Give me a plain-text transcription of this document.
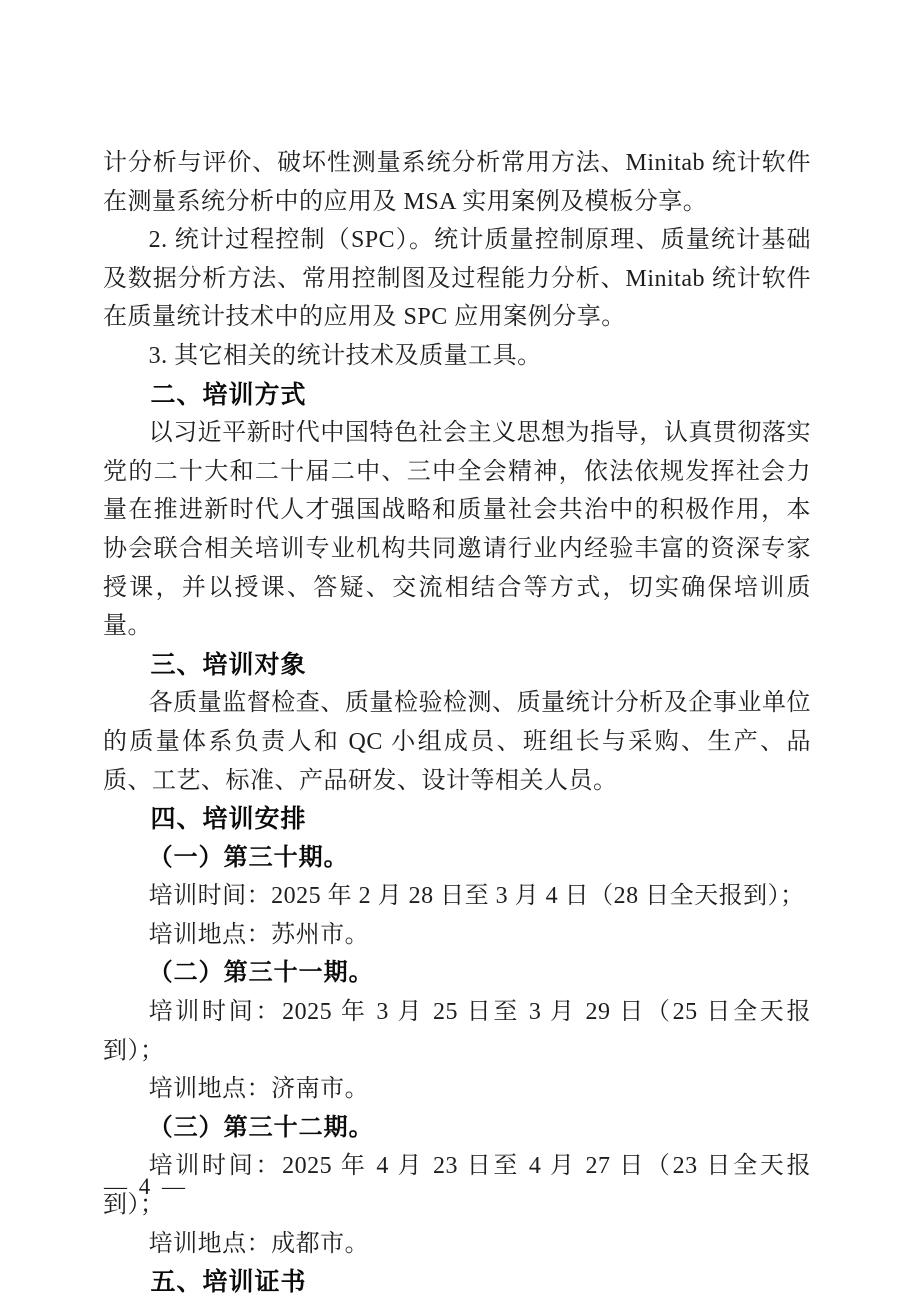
计分析与评价、破坏性测量系统分析常用方法、Minitab 统计软件在测量系统分析中的应用及 MSA 实用案例及模板分享。

2. 统计过程控制（SPC）。统计质量控制原理、质量统计基础及数据分析方法、常用控制图及过程能力分析、Minitab 统计软件在质量统计技术中的应用及 SPC 应用案例分享。

3. 其它相关的统计技术及质量工具。

二、培训方式

以习近平新时代中国特色社会主义思想为指导，认真贯彻落实党的二十大和二十届二中、三中全会精神，依法依规发挥社会力量在推进新时代人才强国战略和质量社会共治中的积极作用，本协会联合相关培训专业机构共同邀请行业内经验丰富的资深专家授课，并以授课、答疑、交流相结合等方式，切实确保培训质量。

三、培训对象

各质量监督检查、质量检验检测、质量统计分析及企事业单位的质量体系负责人和 QC 小组成员、班组长与采购、生产、品质、工艺、标准、产品研发、设计等相关人员。

四、培训安排

（一）第三十期。

培训时间：2025 年 2 月 28 日至 3 月 4 日（28 日全天报到）；

培训地点：苏州市。

（二）第三十一期。

培训时间：2025 年 3 月 25 日至 3 月 29 日（25 日全天报到）；

培训地点：济南市。

（三）第三十二期。

培训时间：2025 年 4 月 23 日至 4 月 27 日（23 日全天报到）；

培训地点：成都市。

五、培训证书

— 4 —
